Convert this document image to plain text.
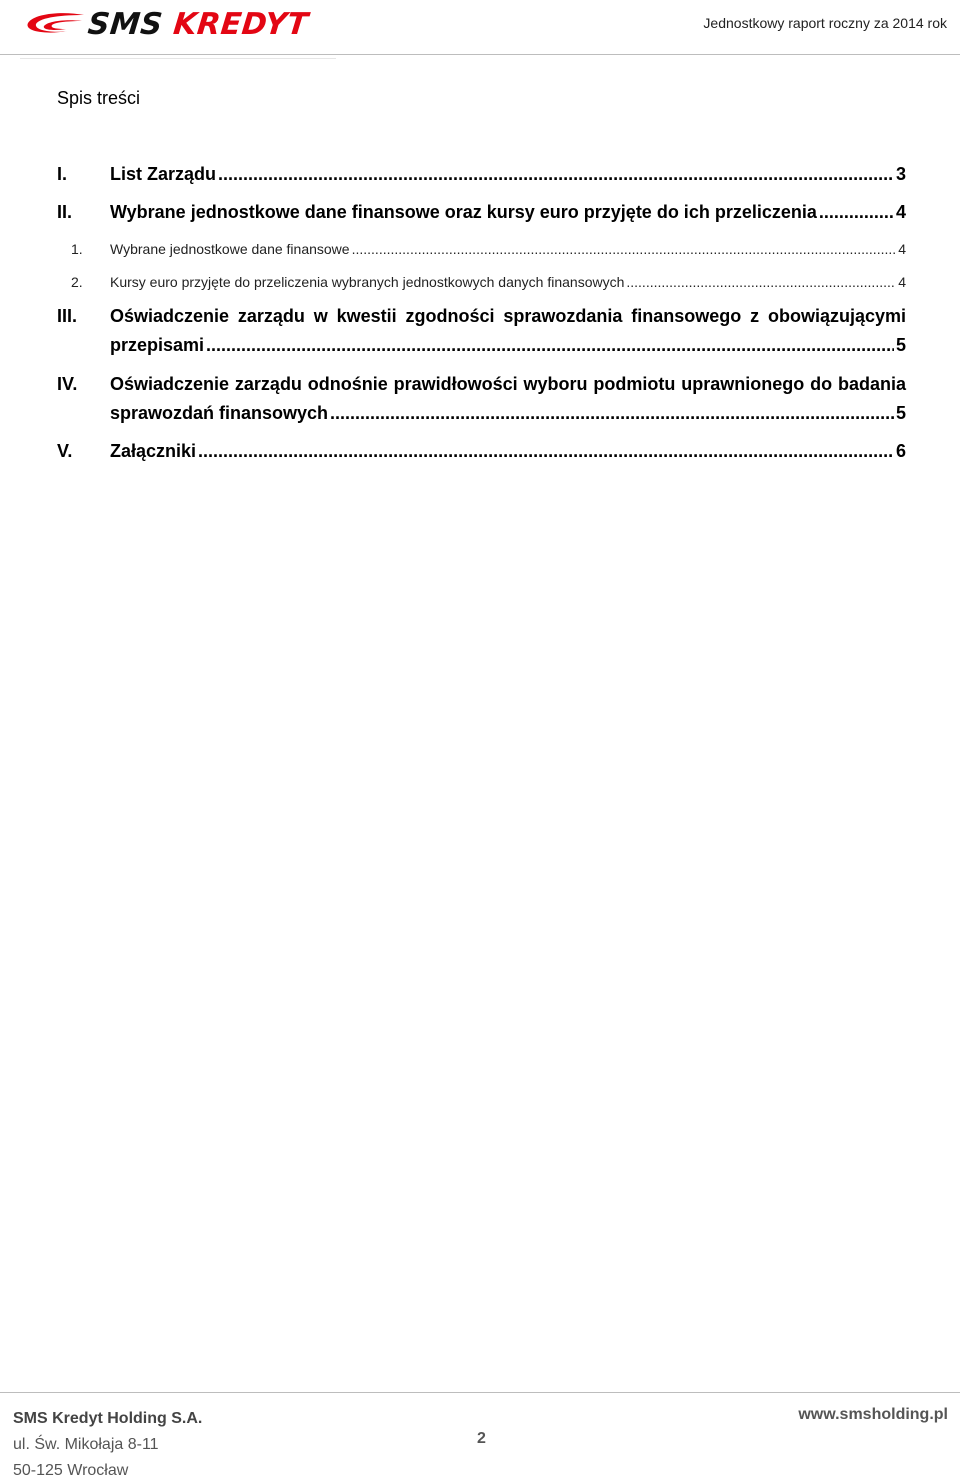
SMS KREDYT	Jednostkowy raport roczny za 2014 rok
Spis treści
I. List Zarządu .....	3
II. Wybrane jednostkowe dane finansowe oraz kursy euro przyjęte do ich przeliczenia .....	4
1. Wybrane jednostkowe dane finansowe .....	4
2. Kursy euro przyjęte do przeliczenia wybranych jednostkowych danych finansowych .....	4
III. Oświadczenie zarządu w kwestii zgodności sprawozdania finansowego z obowiązującymi
przepisami .....	5
IV. Oświadczenie zarządu odnośnie prawidłowości wyboru podmiotu uprawnionego do badania
sprawozdań finansowych .....	5
V. Załączniki .....	6
SMS Kredyt Holding S.A.
ul. Św. Mikołaja 8-11
50-125 Wrocław
2
www.smsholding.pl
